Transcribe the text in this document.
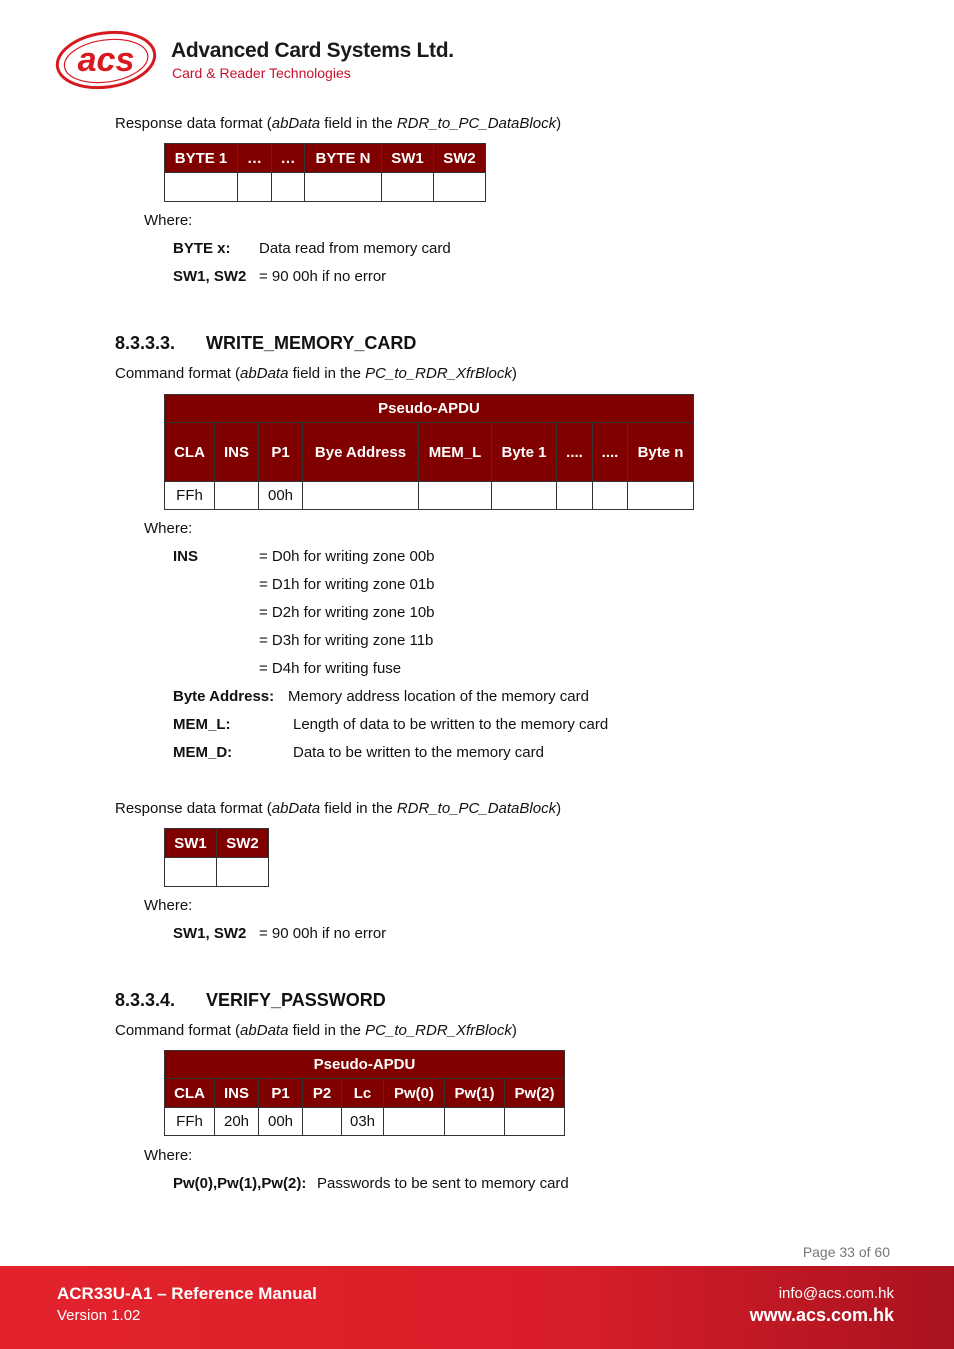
acs Advanced Card Systems Ltd.
Card & Reader Technologies
Response data format (abData field in the RDR_to_PC_DataBlock)
BYTE 1	…	…	BYTE N	SW1	SW2

Where:
BYTE x: Data read from memory card
SW1, SW2 = 90 00h if no error
8.3.3.3. WRITE_MEMORY_CARD
Command format (abData field in the PC_to_RDR_XfrBlock)
Pseudo-APDU								
CLA	INS	P1	Bye Address	MEM_L	Byte 1	....	....	Byte n
FFh		00h						
Where:
INS	= D0h for writing zone 00b
= D1h for writing zone 01b
= D2h for writing zone 10b
= D3h for writing zone 11b
= D4h for writing fuse
Byte Address: Memory address location of the memory card
MEM_L:	Length of data to be written to the memory card
MEM_D:	Data to be written to the memory card
Response data format (abData field in the RDR_to_PC_DataBlock)
SW1	SW2

Where:
SW1, SW2 = 90 00h if no error
8.3.3.4. VERIFY_PASSWORD
Command format (abData field in the PC_to_RDR_XfrBlock)
Pseudo-APDU							
CLA	INS	P1	P2	Lc	Pw(0)	Pw(1)	Pw(2)
FFh	20h	00h		03h			
Where:
Pw(0),Pw(1),Pw(2): Passwords to be sent to memory card
Page 33 of 60
ACR33U-A1 – Reference Manual
Version 1.02
info@acs.com.hk
www.acs.com.hk
